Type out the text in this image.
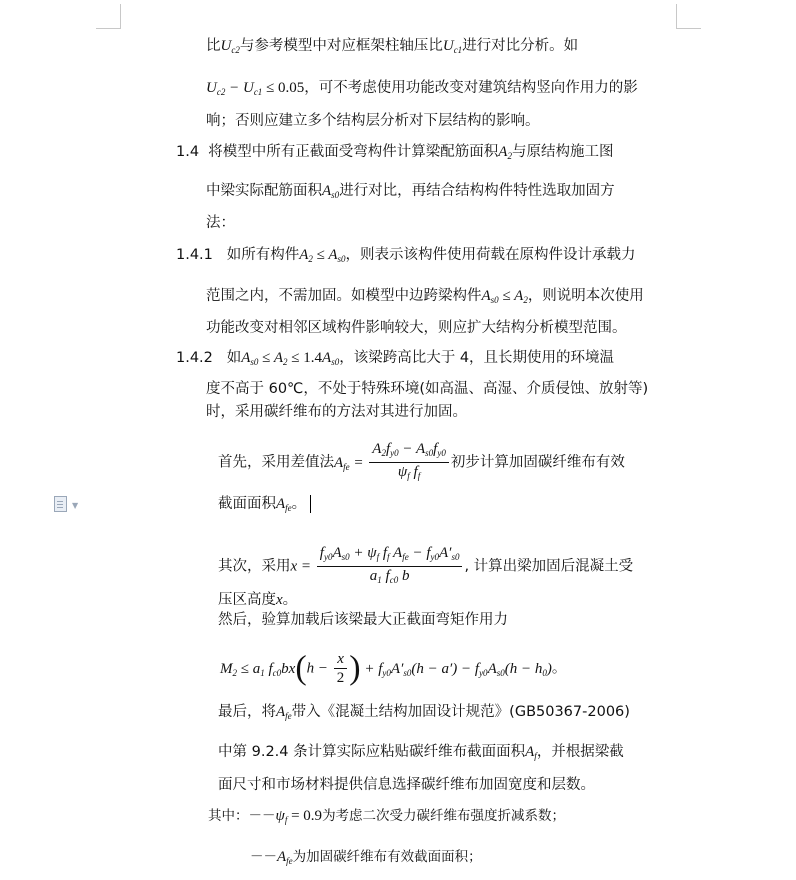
▼
比$U_{c2}$与参考模型中对应框架柱轴压比$U_{c1}$进行对比分析。如
$U_{c2} - U_{c1} \le 0.05$，可不考虑使用功能改变对建筑结构竖向作用力的影
响；否则应建立多个结构层分析对下层结构的影响。
1.4 将模型中所有正截面受弯构件计算梁配筋面积$A_2$与原结构施工图
中梁实际配筋面积$A_{s0}$进行对比，再结合结构构件特性选取加固方
法：
1.4.1 如所有构件$A_2 \le A_{s0}$，则表示该构件使用荷载在原构件设计承载力
范围之内，不需加固。如模型中边跨梁构件$A_{s0} \le A_2$，则说明本次使用
功能改变对相邻区域构件影响较大，则应扩大结构分析模型范围。
1.4.2 如$A_{s0} \le A_2 \le 1.4A_{s0}$，该梁跨高比大于 4，且长期使用的环境温
度不高于 60℃，不处于特殊环境(如高温、高湿、介质侵蚀、放射等)
时，采用碳纤维布的方法对其进行加固。
首先，采用差值法$A_{fe} = \frac{A_2f_{y0} - A_{s0}f_{y0}}{\psi_f f_f}$ 初步计算加固碳纤维布有效
截面面积$A_{fe}$。
其次，采用$x = \frac{f_{y0}A_{s0} + \psi_f f_f A_{fe} - f_{y0}A'_{s0}}{a_1 f_{c0} b}$ , 计算出梁加固后混凝土受
压区高度x。
然后，验算加载后该梁最大正截面弯矩作用力
$M_2 \le a_1$ $f_{c0}bx(h - \frac{x}{2}$ ) + $f_{y0}A'_{s0}(h - a') - f_{y0}A_{s0}(h - h_0)$。
最后，将$A_{fe}$带入《混凝土结构加固设计规范》(GB50367-2006)
中第 9.2.4 条计算实际应粘贴碳纤维布截面面积$A_f$，并根据梁截
面尺寸和市场材料提供信息选择碳纤维布加固宽度和层数。
其中：$--\psi_f = 0.9$为考虑二次受力碳纤维布强度折减系数；
$--A_{fe}$为加固碳纤维布有效截面面积；
